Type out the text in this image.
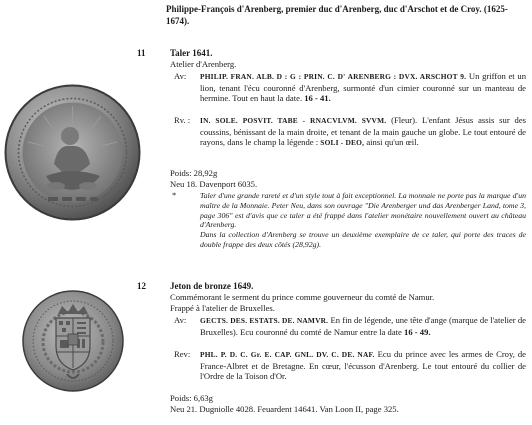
Philippe-François d'Arenberg, premier duc d'Arenberg, duc d'Arschot et de Croy. (1625-1674).
11	Taler 1641.
Atelier d'Arenberg.
Av: PHILIP. FRAN. ALB. D : G : PRIN. C. D' ARENBERG : DVX. ARSCHOT 9. Un griffon et un lion, tenant l'écu couronné d'Arenberg, surmonté d'un cimier couronné sur un manteau de hermine. Tout en haut la date. 16 - 41.
Rv. : IN. SOLE. POSVIT. TABE - RNACVLVM. SVVM. (Fleur). L'enfant Jésus assis sur des coussins, bénissant de la main droite, et tenant de la main gauche un globe. Le tout entouré de rayons, dans le champ la légende : SOLI - DEO, ainsi qu'un œil.
Poids: 28,92g
Neu 18. Davenport 6035.
*	Taler d'une grande rareté et d'un style tout à fait exceptionnel. La monnaie ne porte pas la marque d'un maître de la Monnaie. Peter Neu, dans son ouvrage "Die Arenberger und das Arenberger Land, tome 3, page 306" est d'avis que ce taler a été frappé dans l'atelier monétaire nouvellement ouvert au château d'Arenberg.
Dans la collection d'Arenberg se trouve un deuxième exemplaire de ce taler, qui porte des traces de double frappe des deux côtés (28,92g).
12	Jeton de bronze 1649.
Commémorant le serment du prince comme gouverneur du comté de Namur.
Frappé à l'atelier de Bruxelles.
Av: GECTS. DES. ESTATS. DE. NAMVR. En fin de légende, une tête d'ange (marque de l'atelier de Bruxelles). Ecu couronné du comté de Namur entre la date 16 - 49.
Rev: PHL. P. D. C. Gr. E. CAP. GNL. DV. C. DE. NAF. Ecu du prince avec les armes de Croy, de France-Albret et de Bretagne. En cœur, l'écusson d'Arenberg. Le tout entouré du collier de l'Ordre de la Toison d'Or.
Poids: 6,63g
Neu 21. Dugniolle 4028. Feuardent 14641. Van Loon II, page 325.
